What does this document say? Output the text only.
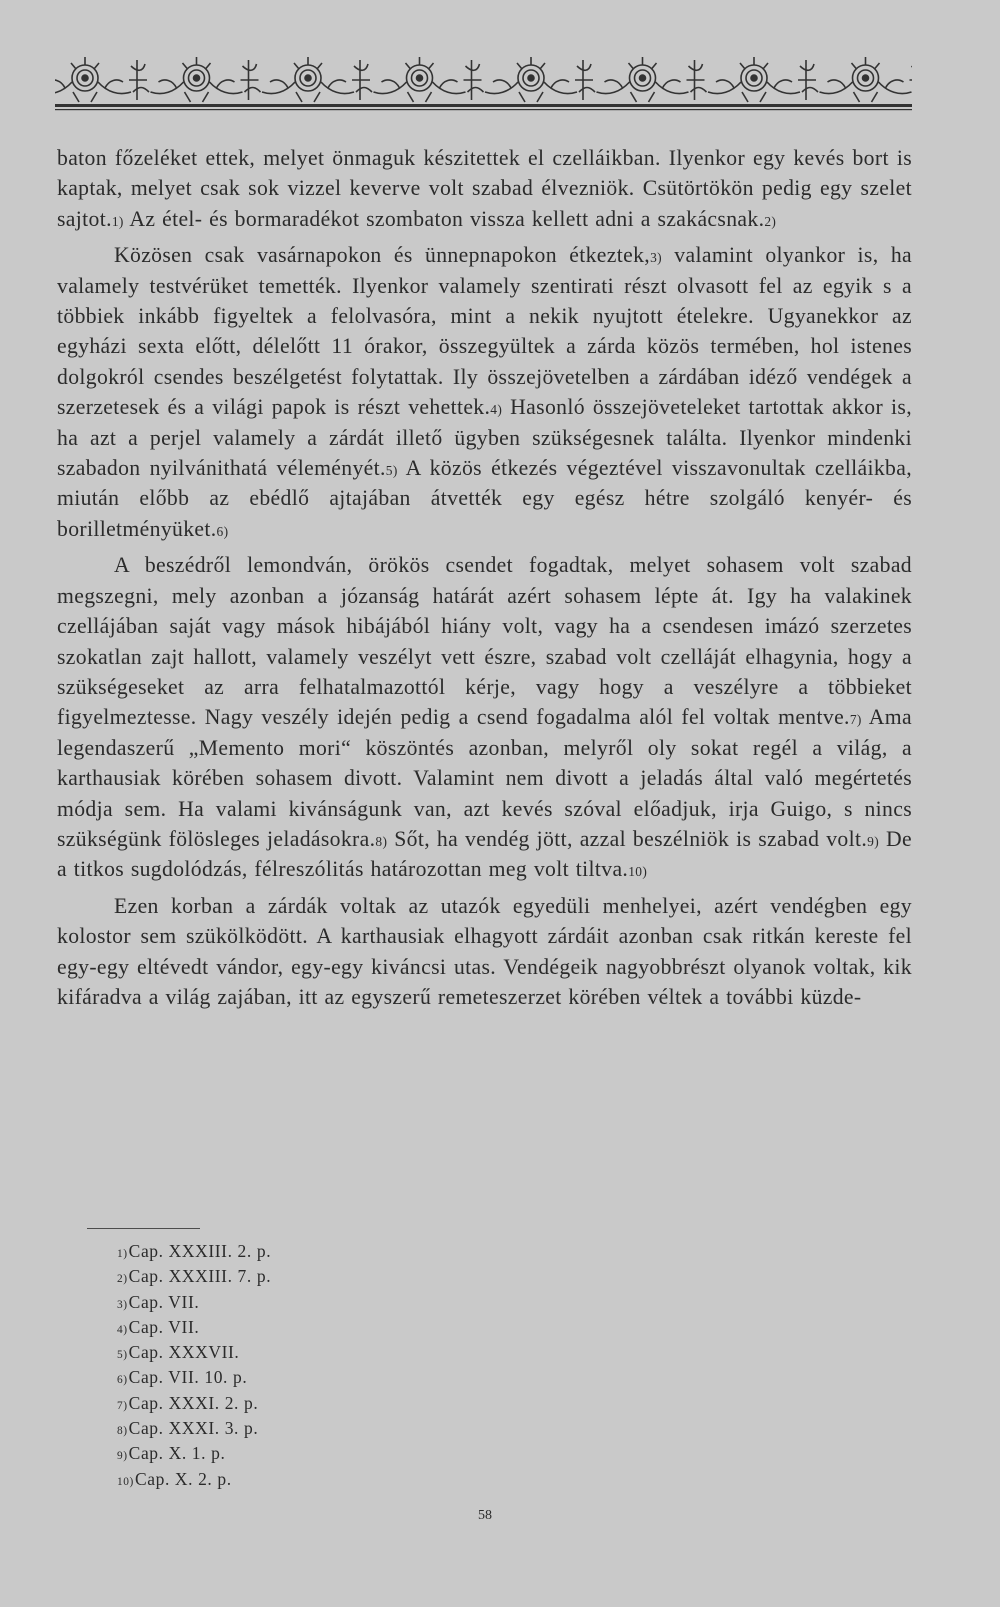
baton főzeléket ettek, melyet önmaguk készitettek el czelláikban. Ilyenkor egy kevés bort is kaptak, melyet csak sok vizzel keverve volt szabad élvezniök. Csütörtökön pedig egy szelet sajtot.$^{1)}$ Az étel- és bormaradékot szombaton vissza kellett adni a szakácsnak.$^{2)}$

Közösen csak vasárnapokon és ünnepnapokon étkeztek,$^{3)}$ valamint olyankor is, ha valamely testvérüket temették. Ilyenkor valamely szentirati részt olvasott fel az egyik s a többiek inkább figyeltek a felolvasóra, mint a nekik nyujtott ételekre. Ugyanekkor az egyházi sexta előtt, délelőtt 11 órakor, összegyültek a zárda közös termében, hol istenes dolgokról csendes beszélgetést folytattak. Ily összejövetelben a zárdában idéző vendégek a szerzetesek és a világi papok is részt vehettek.$^{4)}$ Hasonló összejöveteleket tartottak akkor is, ha azt a perjel valamely a zárdát illető ügyben szükségesnek találta. Ilyenkor mindenki szabadon nyilvánithatá véleményét.$^{5)}$ A közös étkezés végeztével visszavonultak czelláikba, miután előbb az ebédlő ajtajában átvették egy egész hétre szolgáló kenyér- és borilletményüket.$^{6)}$

A beszédről lemondván, örökös csendet fogadtak, melyet sohasem volt szabad megszegni, mely azonban a józanság határát azért sohasem lépte át. Igy ha valakinek czellájában saját vagy mások hibájából hiány volt, vagy ha a csendesen imázó szerzetes szokatlan zajt hallott, valamely veszélyt vett észre, szabad volt czelláját elhagynia, hogy a szükségeseket az arra felhatalmazottól kérje, vagy hogy a veszélyre a többieket figyelmeztesse. Nagy veszély idején pedig a csend fogadalma alól fel voltak mentve.$^{7)}$ Ama legendaszerű „Memento mori“ köszöntés azonban, melyről oly sokat regél a világ, a karthausiak körében sohasem divott. Valamint nem divott a jeladás által való megértetés módja sem. Ha valami kivánságunk van, azt kevés szóval előadjuk, irja Guigo, s nincs szükségünk fölösleges jeladásokra.$^{8)}$ Sőt, ha vendég jött, azzal beszélniök is szabad volt.$^{9)}$ De a titkos sugdolódzás, félreszólitás határozottan meg volt tiltva.$^{10)}$

Ezen korban a zárdák voltak az utazók egyedüli menhelyei, azért vendégben egy kolostor sem szükölködött. A karthausiak elhagyott zárdáit azonban csak ritkán kereste fel egy-egy eltévedt vándor, egy-egy kiváncsi utas. Vendégeik nagyobbrészt olyanok voltak, kik kifáradva a világ zajában, itt az egyszerű remeteszerzet körében véltek a további küzde-

$^{1)}$Cap. XXXIII. 2. p.
$^{2)}$Cap. XXXIII. 7. p.
$^{3)}$Cap. VII.
$^{4)}$Cap. VII.
$^{5)}$Cap. XXXVII.
$^{6)}$Cap. VII. 10. p.
$^{7)}$Cap. XXXI. 2. p.
$^{8)}$Cap. XXXI. 3. p.
$^{9)}$Cap. X. 1. p.
$^{10)}$Cap. X. 2. p.
58
